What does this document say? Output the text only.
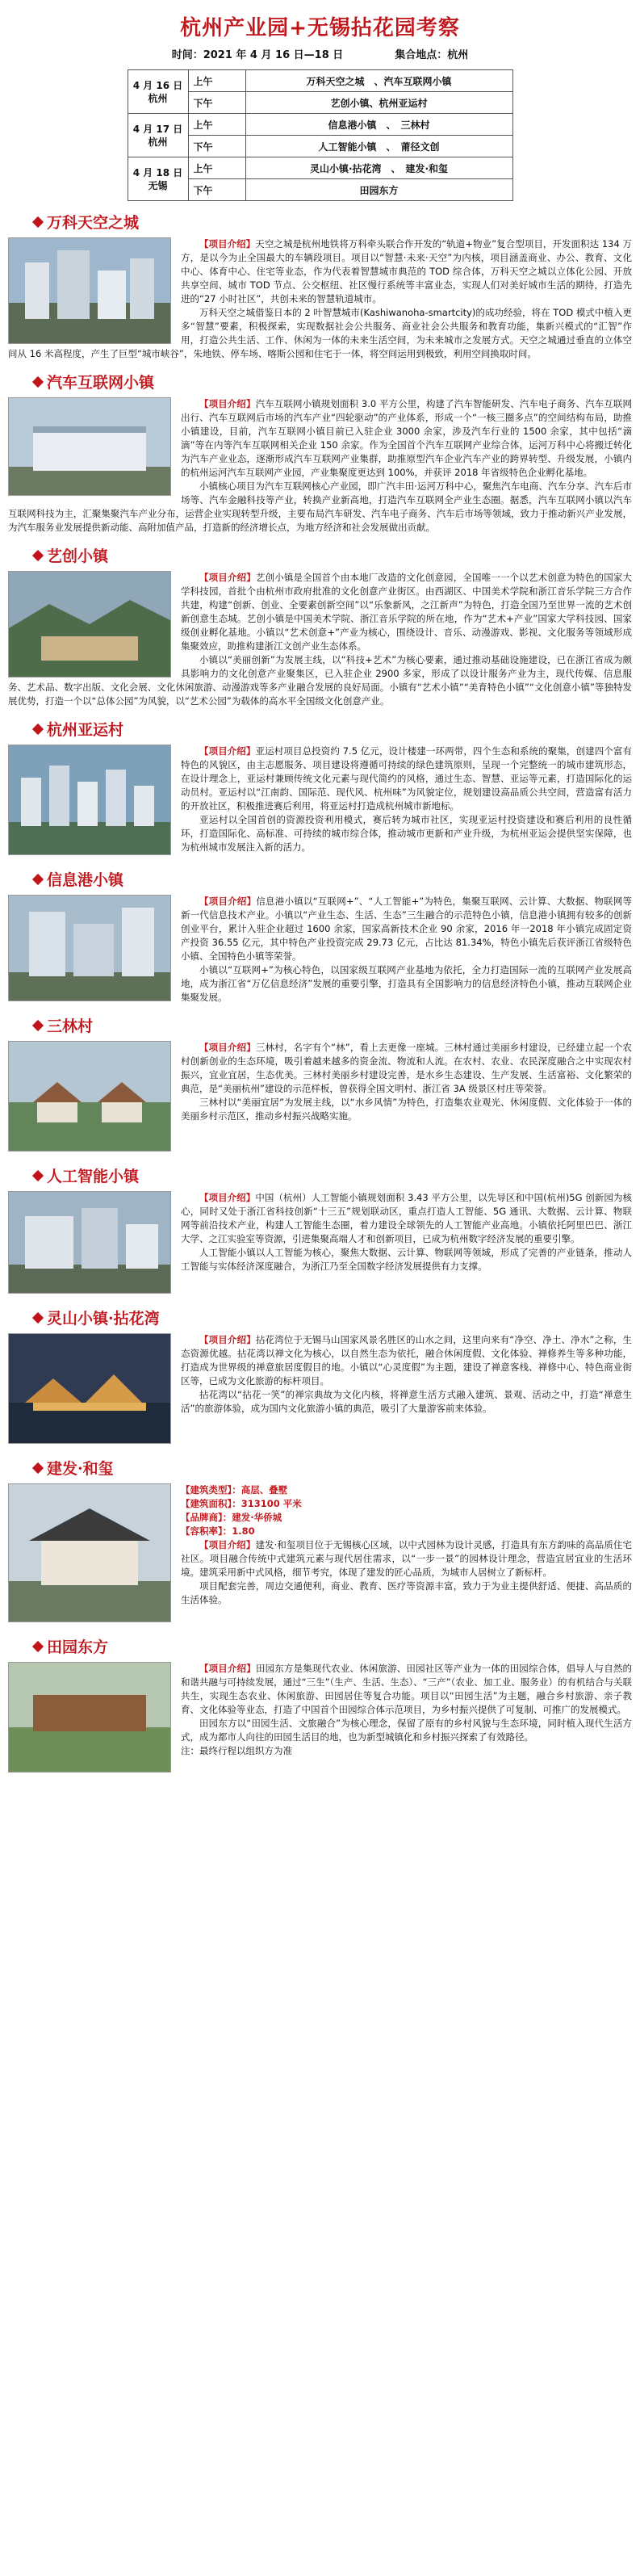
杭州产业园+无锡拈花园考察
时间：2021 年 4 月 16 日—18 日	集合地点：杭州
4 月 16 日
杭州	上午	万科天空之城　、汽车互联网小镇
	下午	艺创小镇、杭州亚运村
4 月 17 日
杭州	上午	信息港小镇　、　三林村
	下午	人工智能小镇　、　莆径文创
4 月 18 日
无锡	上午	灵山小镇·拈花湾　、　建发·和玺
	下午	田园东方
万科天空之城

【项目介绍】天空之城是杭州地铁将万科牵头联合作开发的“轨道+物业”复合型项目，开发面积达 134 万方，是以今为止全国最大的车辆段项目。项目以“智慧·未来·天空”为内核，项目涵盖商业、办公、教育、文化中心、体育中心、住宅等业态，作为代表着智慧城市典范的 TOD 综合体，万科天空之城以立体化公园、开放共享空间、城市 TOD 节点、公交枢纽、社区慢行系统等丰富业态，实现人们对美好城市生活的期待，打造先进的“27 小时社区”，共创未来的智慧轨道城市。

万科天空之城借鉴日本的 2 叶智慧城市(Kashiwanoha-smartcity)的成功经验，将在 TOD 模式中植入更多“智慧”要素，积极探索，实现数据社会公共服务、商业社会公共服务和教育功能，集新兴模式的“汇智”作用，打造公共生活、工作、休闲为一体的未来生活空间，为未来城市之发展方式。天空之城通过垂直的立体空间从 16 米高程度，产生了巨型“城市峡谷”，朱地铁、停车场、喀斯公园和住宅于一体，将空间运用到极致，利用空间换取时间。

汽车互联网小镇

【项目介绍】汽车互联网小镇规划面积 3.0 平方公里，构建了汽车智能研发、汽车电子商务、汽车互联网出行、汽车互联网后市场的汽车产业“四轮驱动”的产业体系，形成一个“一核三圈多点”的空间结构布局，助推小镇建设，目前，汽车互联网小镇目前已入驻企业 3000 余家，涉及汽车行业的 1500 余家，其中包括“滴滴”等在内等汽车互联网相关企业 150 余家。作为全国首个汽车互联网产业综合体，运河万科中心将搬迁转化为汽车产业业态，逐渐形成汽车互联网产业集群，助推原型汽车企业汽车产业的跨界转型、升级发展，小镇内的杭州运河汽车互联网产业园，产业集聚度更达到 100%，并获评 2018 年省级特色企业孵化基地。

小镇核心项目为汽车互联网核心产业园，即广汽丰田·运河万科中心，聚焦汽车电商、汽车分享、汽车后市场等、汽车金融科技等产业，转换产业新高地，打造汽车互联网全产业生态圈。据悉，汽车互联网小镇以汽车互联网科技为主，汇聚集聚汽车产业分布，运营企业实现转型升级，主要布局汽车研发、汽车电子商务、汽车后市场等领域，致力于推动新兴产业发展，为汽车服务业发展提供新动能、高附加值产品，打造新的经济增长点，为地方经济和社会发展做出贡献。

艺创小镇

【项目介绍】艺创小镇是全国首个由本地厂改造的文化创意园，全国唯一一个以艺术创意为特色的国家大学科技园，首批个由杭州市政府批准的文化创意产业街区。由西湖区、中国美术学院和浙江音乐学院三方合作共建，构建“创新、创业、全要素创新空间”以“乐象新风，之江新声”为特色，打造全国乃至世界一流的艺术创新创意生态城。艺创小镇是中国美术学院、浙江音乐学院的所在地，作为“艺术+产业”国家大学科技园、国家级创业孵化基地。小镇以“艺术创意+”产业为核心，围绕设计、音乐、动漫游戏、影视、文化服务等领域形成集聚效应，助推构建浙江文创产业生态体系。

小镇以“美丽创新”为发展主线，以“科技+艺术”为核心要素，通过推动基础设施建设，已在浙江省成为颇具影响力的文化创意产业聚集区，已入驻企业 2900 多家，形成了以设计服务产业为主，现代传媒、信息服务、艺术品、数字出版、文化会展、文化休闲旅游、动漫游戏等多产业融合发展的良好局面。小镇有“艺术小镇”“美育特色小镇”“文化创意小镇”等独特发展优势，打造一个以“总体公园”为风貌，以“艺术公园”为载体的高水平全国级文化创意产业。

杭州亚运村

【项目介绍】亚运村项目总投资约 7.5 亿元，设计楼建一环两带，四个生态和系统的聚集，创建四个富有特色的风貌区，由主志愿服务、项目建设将遵循可持续的绿色建筑原则，呈现一个完整统一的城市建筑形态，在设计理念上，亚运村兼顾传统文化元素与现代简约的风格，通过生态、智慧、亚运等元素，打造国际化的运动员村。亚运村以“江南韵、国际范、现代风、杭州味”为风貌定位，规划建设高品质公共空间，营造富有活力的开放社区，积极推进赛后利用，将亚运村打造成杭州城市新地标。

亚运村以全国首创的资源投资利用模式，赛后转为城市社区，实现亚运村投资建设和赛后利用的良性循环，打造国际化、高标准、可持续的城市综合体，推动城市更新和产业升级，为杭州亚运会提供坚实保障，也为杭州城市发展注入新的活力。

信息港小镇

【项目介绍】信息港小镇以“互联网+”、“人工智能+”为特色，集聚互联网、云计算、大数据、物联网等新一代信息技术产业。小镇以“产业生态、生活、生态”三生融合的示范特色小镇，信息港小镇拥有较多的创新创业平台，累计入驻企业超过 1600 余家，国家高新技术企业 90 余家，2016 年一2018 年小镇完成固定资产投资 36.55 亿元，其中特色产业投资完成 29.73 亿元，占比达 81.34%，特色小镇先后获评浙江省级特色小镇、全国特色小镇等荣誉。

小镇以“互联网+”为核心特色，以国家级互联网产业基地为依托，全力打造国际一流的互联网产业发展高地，成为浙江省“万亿信息经济”发展的重要引擎，打造具有全国影响力的信息经济特色小镇，推动互联网企业集聚发展。

三林村

【项目介绍】三林村，名字有个“林”，看上去更像一座城。三林村通过美丽乡村建设，已经建立起一个农村创新创业的生态环境，吸引着越来越多的资金流、物流和人流。在农村、农业、农民深度融合之中实现农村振兴，宜业宜居，生态优美。三林村美丽乡村建设完善，是水乡生态建设、生产发展、生活富裕、文化繁荣的典范，是“美丽杭州”建设的示范样板，曾获得全国文明村、浙江省 3A 级景区村庄等荣誉。

三林村以“美丽宜居”为发展主线，以“水乡风情”为特色，打造集农业观光、休闲度假、文化体验于一体的美丽乡村示范区，推动乡村振兴战略实施。

人工智能小镇

【项目介绍】中国（杭州）人工智能小镇规划面积 3.43 平方公里，以先导区和中国(杭州)5G 创新园为核心，同时又处于浙江省科技创新“十三五”规划联动区，重点打造人工智能、5G 通讯、大数据、云计算、物联网等前沿技术产业，构建人工智能生态圈，着力建设全球领先的人工智能产业高地。小镇依托阿里巴巴、浙江大学、之江实验室等资源，引进集聚高端人才和创新项目，已成为杭州数字经济发展的重要引擎。

人工智能小镇以人工智能为核心，聚焦大数据、云计算、物联网等领域，形成了完善的产业链条，推动人工智能与实体经济深度融合，为浙江乃至全国数字经济发展提供有力支撑。

灵山小镇·拈花湾

【项目介绍】拈花湾位于无锡马山国家风景名胜区的山水之间，这里向来有“净空、净土、净水”之称，生态资源优越。拈花湾以禅文化为核心，以自然生态为依托，融合休闲度假、文化体验、禅修养生等多种功能，打造成为世界级的禅意旅居度假目的地。小镇以“心灵度假”为主题，建设了禅意客栈、禅修中心、特色商业街区等，已成为文化旅游的标杆项目。

拈花湾以“拈花一笑”的禅宗典故为文化内核，将禅意生活方式融入建筑、景观、活动之中，打造“禅意生活”的旅游体验，成为国内文化旅游小镇的典范，吸引了大量游客前来体验。

建发·和玺
【建筑类型】：高层、叠墅
【建筑面积】：313100 平米
【品牌商】：建发·华侨城
【容积率】：1.80

【项目介绍】建发·和玺项目位于无锡核心区域，以中式园林为设计灵感，打造具有东方韵味的高品质住宅社区。项目融合传统中式建筑元素与现代居住需求，以“一步一景”的园林设计理念，营造宜居宜业的生活环境。建筑采用新中式风格，细节考究，体现了建发的匠心品质，为城市人居树立了新标杆。

项目配套完善，周边交通便利，商业、教育、医疗等资源丰富，致力于为业主提供舒适、便捷、高品质的生活体验。

田园东方

【项目介绍】田园东方是集现代农业、休闲旅游、田园社区等产业为一体的田园综合体，倡导人与自然的和谐共融与可持续发展，通过“三生”（生产、生活、生态）、“三产”（农业、加工业、服务业）的有机结合与关联共生，实现生态农业、休闲旅游、田园居住等复合功能。项目以“田园生活”为主题，融合乡村旅游、亲子教育、文化体验等业态，打造了中国首个田园综合体示范项目，为乡村振兴提供了可复制、可推广的发展模式。

田园东方以“田园生活、文旅融合”为核心理念，保留了原有的乡村风貌与生态环境，同时植入现代生活方式，成为都市人向往的田园生活目的地，也为新型城镇化和乡村振兴探索了有效路径。

注：最终行程以组织方为准
